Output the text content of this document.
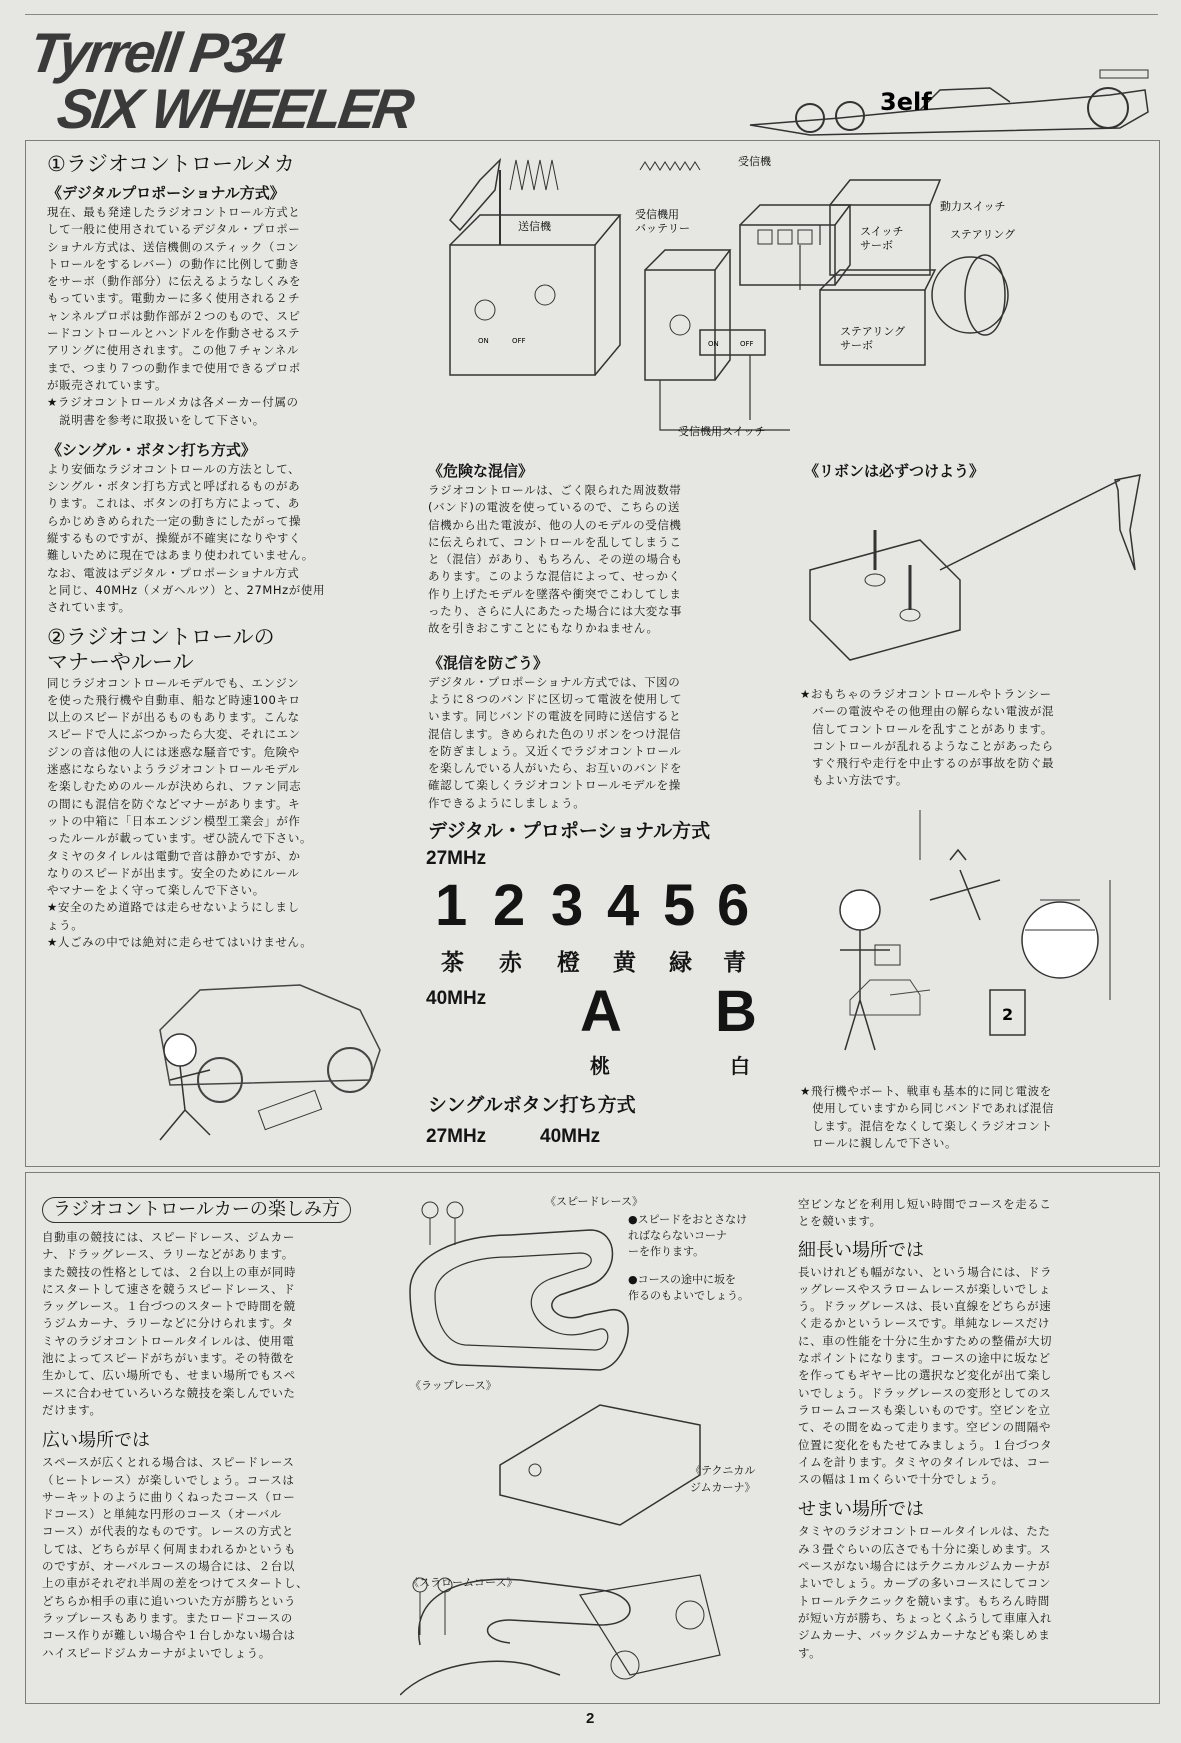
Tyrrell P34
SIX WHEELER	3elf

①ラジオコントロールメカ

《デジタルプロポーショナル方式》

現在、最も発達したラジオコントロール方式と
して一般に使用されているデジタル・プロポー
ショナル方式は、送信機側のスティック（コン
トロールをするレバー）の動作に比例して動き
をサーボ（動作部分）に伝えるようなしくみを
もっています。電動カーに多く使用される２チ
ャンネルプロポは動作部が２つのもので、スピ
ードコントロールとハンドルを作動させるステ
アリングに使用されます。この他７チャンネル
まで、つまり７つの動作まで使用できるプロポ
が販売されています。

★ラジオコントロールメカは各メーカー付属の
　説明書を参考に取扱いをして下さい。

《シングル・ボタン打ち方式》

より安価なラジオコントロールの方法として、
シングル・ボタン打ち方式と呼ばれるものがあ
ります。これは、ボタンの打ち方によって、あ
らかじめきめられた一定の動きにしたがって操
縦するものですが、操縦が不確実になりやすく
難しいために現在ではあまり使われていません。
なお、電波はデジタル・プロポーショナル方式
と同じ、40MHz（メガヘルツ）と、27MHzが使用
されています。

②ラジオコントロールの
マナーやルール

同じラジオコントロールモデルでも、エンジン
を使った飛行機や自動車、船など時速100キロ
以上のスピードが出るものもあります。こんな
スピードで人にぶつかったら大変、それにエン
ジンの音は他の人には迷惑な騒音です。危険や
迷惑にならないようラジオコントロールモデル
を楽しむためのルールが決められ、ファン同志
の間にも混信を防ぐなどマナーがあります。キ
ットの中箱に「日本エンジン模型工業会」が作
ったルールが載っています。ぜひ読んで下さい。
タミヤのタイレルは電動で音は静かですが、か
なりのスピードが出ます。安全のためにルール
やマナーをよく守って楽しんで下さい。

★安全のため道路では走らせないようにしまし
ょう。

★人ごみの中では絶対に走らせてはいけません。

送信機
ON	OFF
受信機用バッテリー
受信機
スイッチサーボ
動力スイッチ
ステアリング
ステアリングサーボ
ON	OFF
受信機用スイッチ

《危険な混信》

ラジオコントロールは、ごく限られた周波数帯
(バンド)の電波を使っているので、こちらの送
信機から出た電波が、他の人のモデルの受信機
に伝えられて、コントロールを乱してしまうこ
と（混信）があり、もちろん、その逆の場合も
あります。このような混信によって、せっかく
作り上げたモデルを墜落や衝突でこわしてしま
ったり、さらに人にあたった場合には大変な事
故を引きおこすことにもなりかねません。

《混信を防ごう》

デジタル・プロポーショナル方式では、下図の
ように８つのバンドに区切って電波を使用して
います。同じバンドの電波を同時に送信すると
混信します。きめられた色のリボンをつけ混信
を防ぎましょう。又近くでラジオコントロール
を楽しんでいる人がいたら、お互いのバンドを
確認して楽しくラジオコントロールモデルを操
作できるようにしましょう。

デジタル・プロポーショナル方式
27MHz
1 2 3 4 5 6
茶 赤 橙 黄 緑 青
40MHz A B
桃	白
シングルボタン打ち方式
27MHz	40MHz
《リボンは必ずつけよう》

★おもちゃのラジオコントロールやトランシー
　バーの電波やその他理由の解らない電波が混
　信してコントロールを乱すことがあります。
　コントロールが乱れるようなことがあったら
　すぐ飛行や走行を中止するのが事故を防ぐ最
　もよい方法です。

2

★飛行機やボート、戦車も基本的に同じ電波を
　使用していますから同じバンドであれば混信
　します。混信をなくして楽しくラジオコント
　ロールに親しんで下さい。

ラジオコントロールカーの楽しみ方

自動車の競技には、スピードレース、ジムカー
ナ、ドラッグレース、ラリーなどがあります。
また競技の性格としては、２台以上の車が同時
にスタートして速さを競うスピードレース、ド
ラッグレース。１台づつのスタートで時間を競
うジムカーナ、ラリーなどに分けられます。タ
ミヤのラジオコントロールタイレルは、使用電
池によってスピードがちがいます。その特徴を
生かして、広い場所でも、せまい場所でもスペ
ースに合わせていろいろな競技を楽しんでいた
だけます。

広い場所では

スペースが広くとれる場合は、スピードレース
（ヒートレース）が楽しいでしょう。コースは
サーキットのように曲りくねったコース（ロー
ドコース）と単純な円形のコース（オーバル
コース）が代表的なものです。レースの方式と
しては、どちらが早く何周まわれるかというも
のですが、オーバルコースの場合には、２台以
上の車がそれぞれ半周の差をつけてスタートし、
どちらか相手の車に追いついた方が勝ちという
ラップレースもあります。またロードコースの
コース作りが難しい場合や１台しかない場合は
ハイスピードジムカーナがよいでしょう。

《スピードレース》

●スピードをおとさなけ
ればならないコーナ
ーを作ります。

●コースの途中に坂を
作るのもよいでしょう。

《ラップレース》

《テクニカル
ジムカーナ》

《スラロームコース》

空ビンなどを利用し短い時間でコースを走るこ
とを競います。

細長い場所では

長いけれども幅がない、という場合には、ドラ
ッグレースやスラロームレースが楽しいでしょ
う。ドラッグレースは、長い直線をどちらが速
く走るかというレースです。単純なレースだけ
に、車の性能を十分に生かすための整備が大切
なポイントになります。コースの途中に坂など
を作ってもギヤー比の選択など変化が出て楽し
いでしょう。ドラッグレースの変形としてのス
ラロームコースも楽しいものです。空ビンを立
て、その間をぬって走ります。空ビンの間隔や
位置に変化をもたせてみましょう。１台づつタ
イムを計ります。タミヤのタイレルでは、コー
スの幅は１ｍくらいで十分でしょう。

せまい場所では

タミヤのラジオコントロールタイレルは、たた
み３畳ぐらいの広さでも十分に楽しめます。ス
ペースがない場合にはテクニカルジムカーナが
よいでしょう。カーブの多いコースにしてコン
トロールテクニックを競います。もちろん時間
が短い方が勝ち、ちょっとくふうして車庫入れ
ジムカーナ、バックジムカーナなども楽しめま
す。

2
